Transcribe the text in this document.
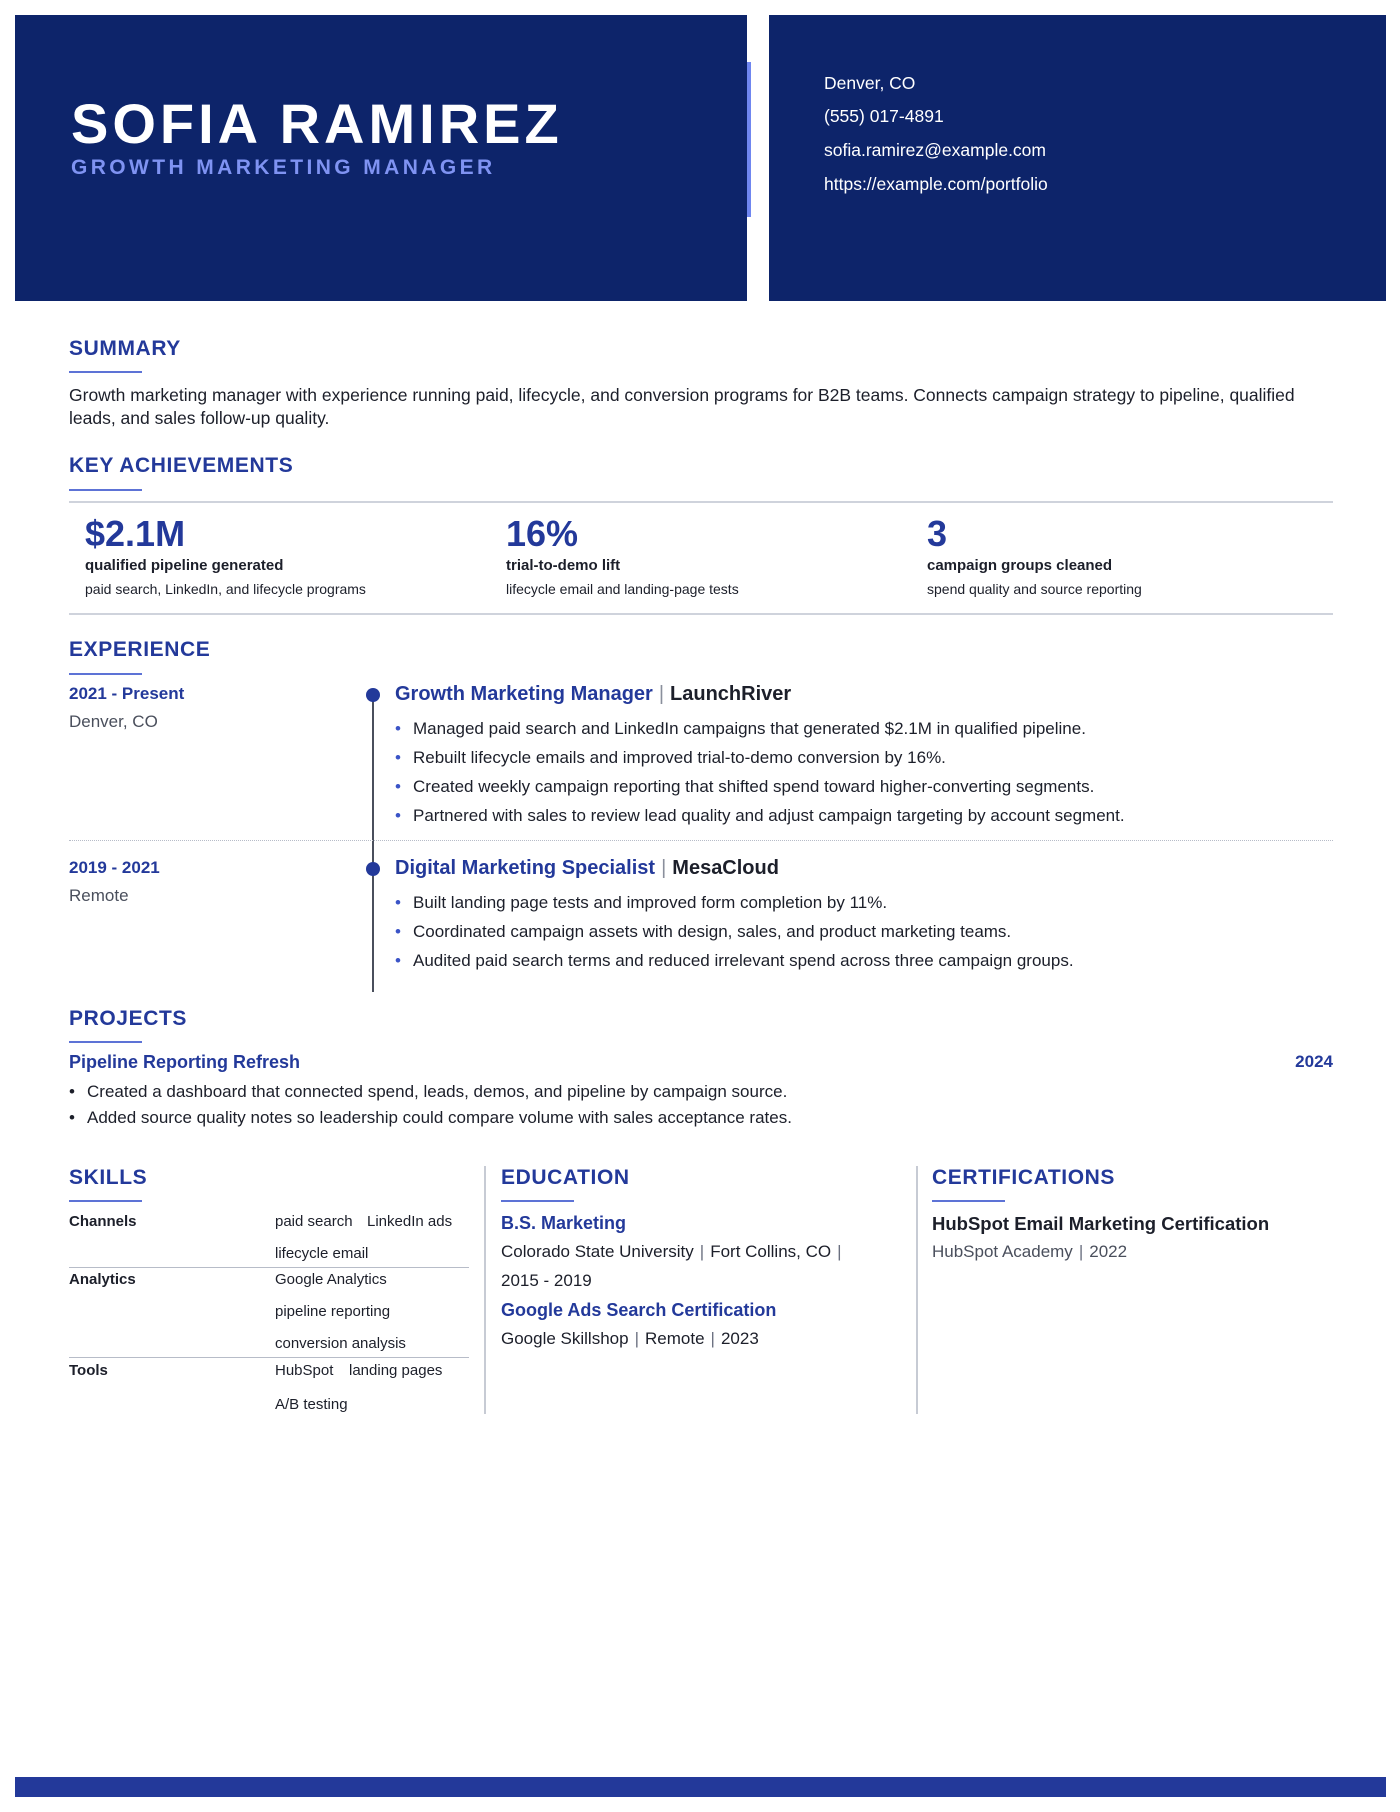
SOFIA RAMIREZ
GROWTH MARKETING MANAGER
Denver, CO
(555) 017-4891
sofia.ramirez@example.com
https://example.com/portfolio
SUMMARY
Growth marketing manager with experience running paid, lifecycle, and conversion programs for B2B teams. Connects campaign strategy to pipeline, qualified leads, and sales follow-up quality.
KEY ACHIEVEMENTS
$2.1M
qualified pipeline generated
paid search, LinkedIn, and lifecycle programs
16%
trial-to-demo lift
lifecycle email and landing-page tests
3
campaign groups cleaned
spend quality and source reporting
EXPERIENCE
2021 - Present
Denver, CO
Growth Marketing Manager | LaunchRiver
• Managed paid search and LinkedIn campaigns that generated $2.1M in qualified pipeline.
• Rebuilt lifecycle emails and improved trial-to-demo conversion by 16%.
• Created weekly campaign reporting that shifted spend toward higher-converting segments.
• Partnered with sales to review lead quality and adjust campaign targeting by account segment.
2019 - 2021
Remote
Digital Marketing Specialist | MesaCloud
• Built landing page tests and improved form completion by 11%.
• Coordinated campaign assets with design, sales, and product marketing teams.
• Audited paid search terms and reduced irrelevant spend across three campaign groups.
PROJECTS
Pipeline Reporting Refresh	2024
• Created a dashboard that connected spend, leads, demos, and pipeline by campaign source.
• Added source quality notes so leadership could compare volume with sales acceptance rates.
SKILLS
Channels	paid search LinkedIn ads
lifecycle email
Analytics	Google Analytics
pipeline reporting
conversion analysis
Tools	HubSpot landing pages
A/B testing
EDUCATION
B.S. Marketing
Colorado State University | Fort Collins, CO |
2015 - 2019
Google Ads Search Certification
Google Skillshop | Remote | 2023
CERTIFICATIONS
HubSpot Email Marketing Certification
HubSpot Academy | 2022
